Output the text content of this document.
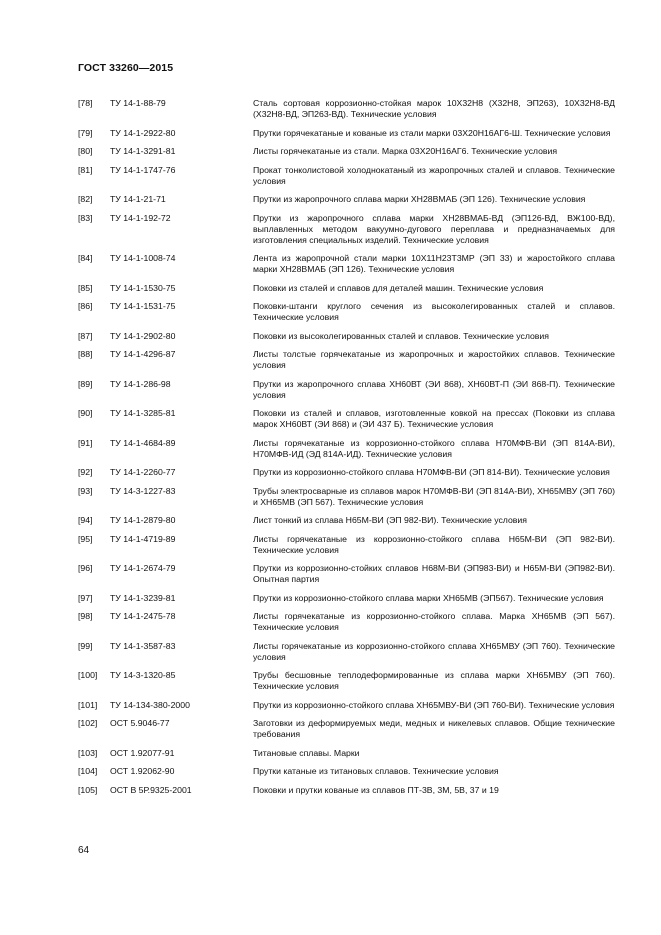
ГОСТ 33260—2015
[78]	ТУ 14-1-88-79	Сталь сортовая коррозионно-стойкая марок 10Х32Н8 (Х32Н8, ЭП263), 10Х32Н8-ВД (Х32Н8-ВД, ЭП263-ВД). Технические условия
[79]	ТУ 14-1-2922-80	Прутки горячекатаные и кованые из стали марки 03Х20Н16АГ6-Ш. Технические условия
[80]	ТУ 14-1-3291-81	Листы горячекатаные из стали. Марка 03Х20Н16АГ6. Технические условия
[81]	ТУ 14-1-1747-76	Прокат тонколистовой холоднокатаный из жаропрочных сталей и сплавов. Технические условия
[82]	ТУ 14-1-21-71	Прутки из жаропрочного сплава марки ХН28ВМАБ (ЭП 126). Технические условия
[83]	ТУ 14-1-192-72	Прутки из жаропрочного сплава марки ХН28ВМАБ-ВД (ЭП126-ВД, ВЖ100-ВД), выплавленных методом вакуумно-дугового переплава и предназначаемых для изготовления специальных изделий. Технические условия
[84]	ТУ 14-1-1008-74	Лента из жаропрочной стали марки 10Х11Н23Т3МР (ЭП 33) и жаростойкого сплава марки ХН28ВМАБ (ЭП 126). Технические условия
[85]	ТУ 14-1-1530-75	Поковки из сталей и сплавов для деталей машин. Технические условия
[86]	ТУ 14-1-1531-75	Поковки-штанги круглого сечения из высоколегированных сталей и сплавов. Технические условия
[87]	ТУ 14-1-2902-80	Поковки из высоколегированных сталей и сплавов. Технические условия
[88]	ТУ 14-1-4296-87	Листы толстые горячекатаные из жаропрочных и жаростойких сплавов. Технические условия
[89]	ТУ 14-1-286-98	Прутки из жаропрочного сплава ХН60ВТ (ЭИ 868), ХН60ВТ-П (ЭИ 868-П). Технические условия
[90]	ТУ 14-1-3285-81	Поковки из сталей и сплавов, изготовленные ковкой на прессах (Поковки из сплава марок ХН60ВТ (ЭИ 868) и (ЭИ 437 Б). Технические условия
[91]	ТУ 14-1-4684-89	Листы горячекатаные из коррозионно-стойкого сплава Н70МФВ-ВИ (ЭП 814А-ВИ), Н70МФВ-ИД (ЭД 814А-ИД). Технические условия
[92]	ТУ 14-1-2260-77	Прутки из коррозионно-стойкого сплава Н70МФВ-ВИ (ЭП 814-ВИ). Технические условия
[93]	ТУ 14-3-1227-83	Трубы электросварные из сплавов марок Н70МФВ-ВИ (ЭП 814А-ВИ), ХН65МВУ (ЭП 760) и ХН65МВ (ЭП 567). Технические условия
[94]	ТУ 14-1-2879-80	Лист тонкий из сплава Н65М-ВИ (ЭП 982-ВИ). Технические условия
[95]	ТУ 14-1-4719-89	Листы горячекатаные из коррозионно-стойкого сплава Н65М-ВИ (ЭП 982-ВИ). Технические условия
[96]	ТУ 14-1-2674-79	Прутки из коррозионно-стойких сплавов Н68М-ВИ (ЭП983-ВИ) и Н65М-ВИ (ЭП982-ВИ). Опытная партия
[97]	ТУ 14-1-3239-81	Прутки из коррозионно-стойкого сплава марки ХН65МВ (ЭП567). Технические условия
[98]	ТУ 14-1-2475-78	Листы горячекатаные из коррозионно-стойкого сплава. Марка ХН65МВ (ЭП 567). Технические условия
[99]	ТУ 14-1-3587-83	Листы горячекатаные из коррозионно-стойкого сплава ХН65МВУ (ЭП 760). Технические условия
[100]	ТУ 14-3-1320-85	Трубы бесшовные теплодеформированные из сплава марки ХН65МВУ (ЭП 760). Технические условия
[101]	ТУ 14-134-380-2000	Прутки из коррозионно-стойкого сплава ХН65МВУ-ВИ (ЭП 760-ВИ). Технические условия
[102]	ОСТ 5.9046-77	Заготовки из деформируемых меди, медных и никелевых сплавов. Общие технические требования
[103]	ОСТ 1.92077-91	Титановые сплавы. Марки
[104]	ОСТ 1.92062-90	Прутки катаные из титановых сплавов. Технические условия
[105]	ОСТ В 5Р.9325-2001	Поковки и прутки кованые из сплавов ПТ-3В, 3М, 5В, 37 и 19
64
